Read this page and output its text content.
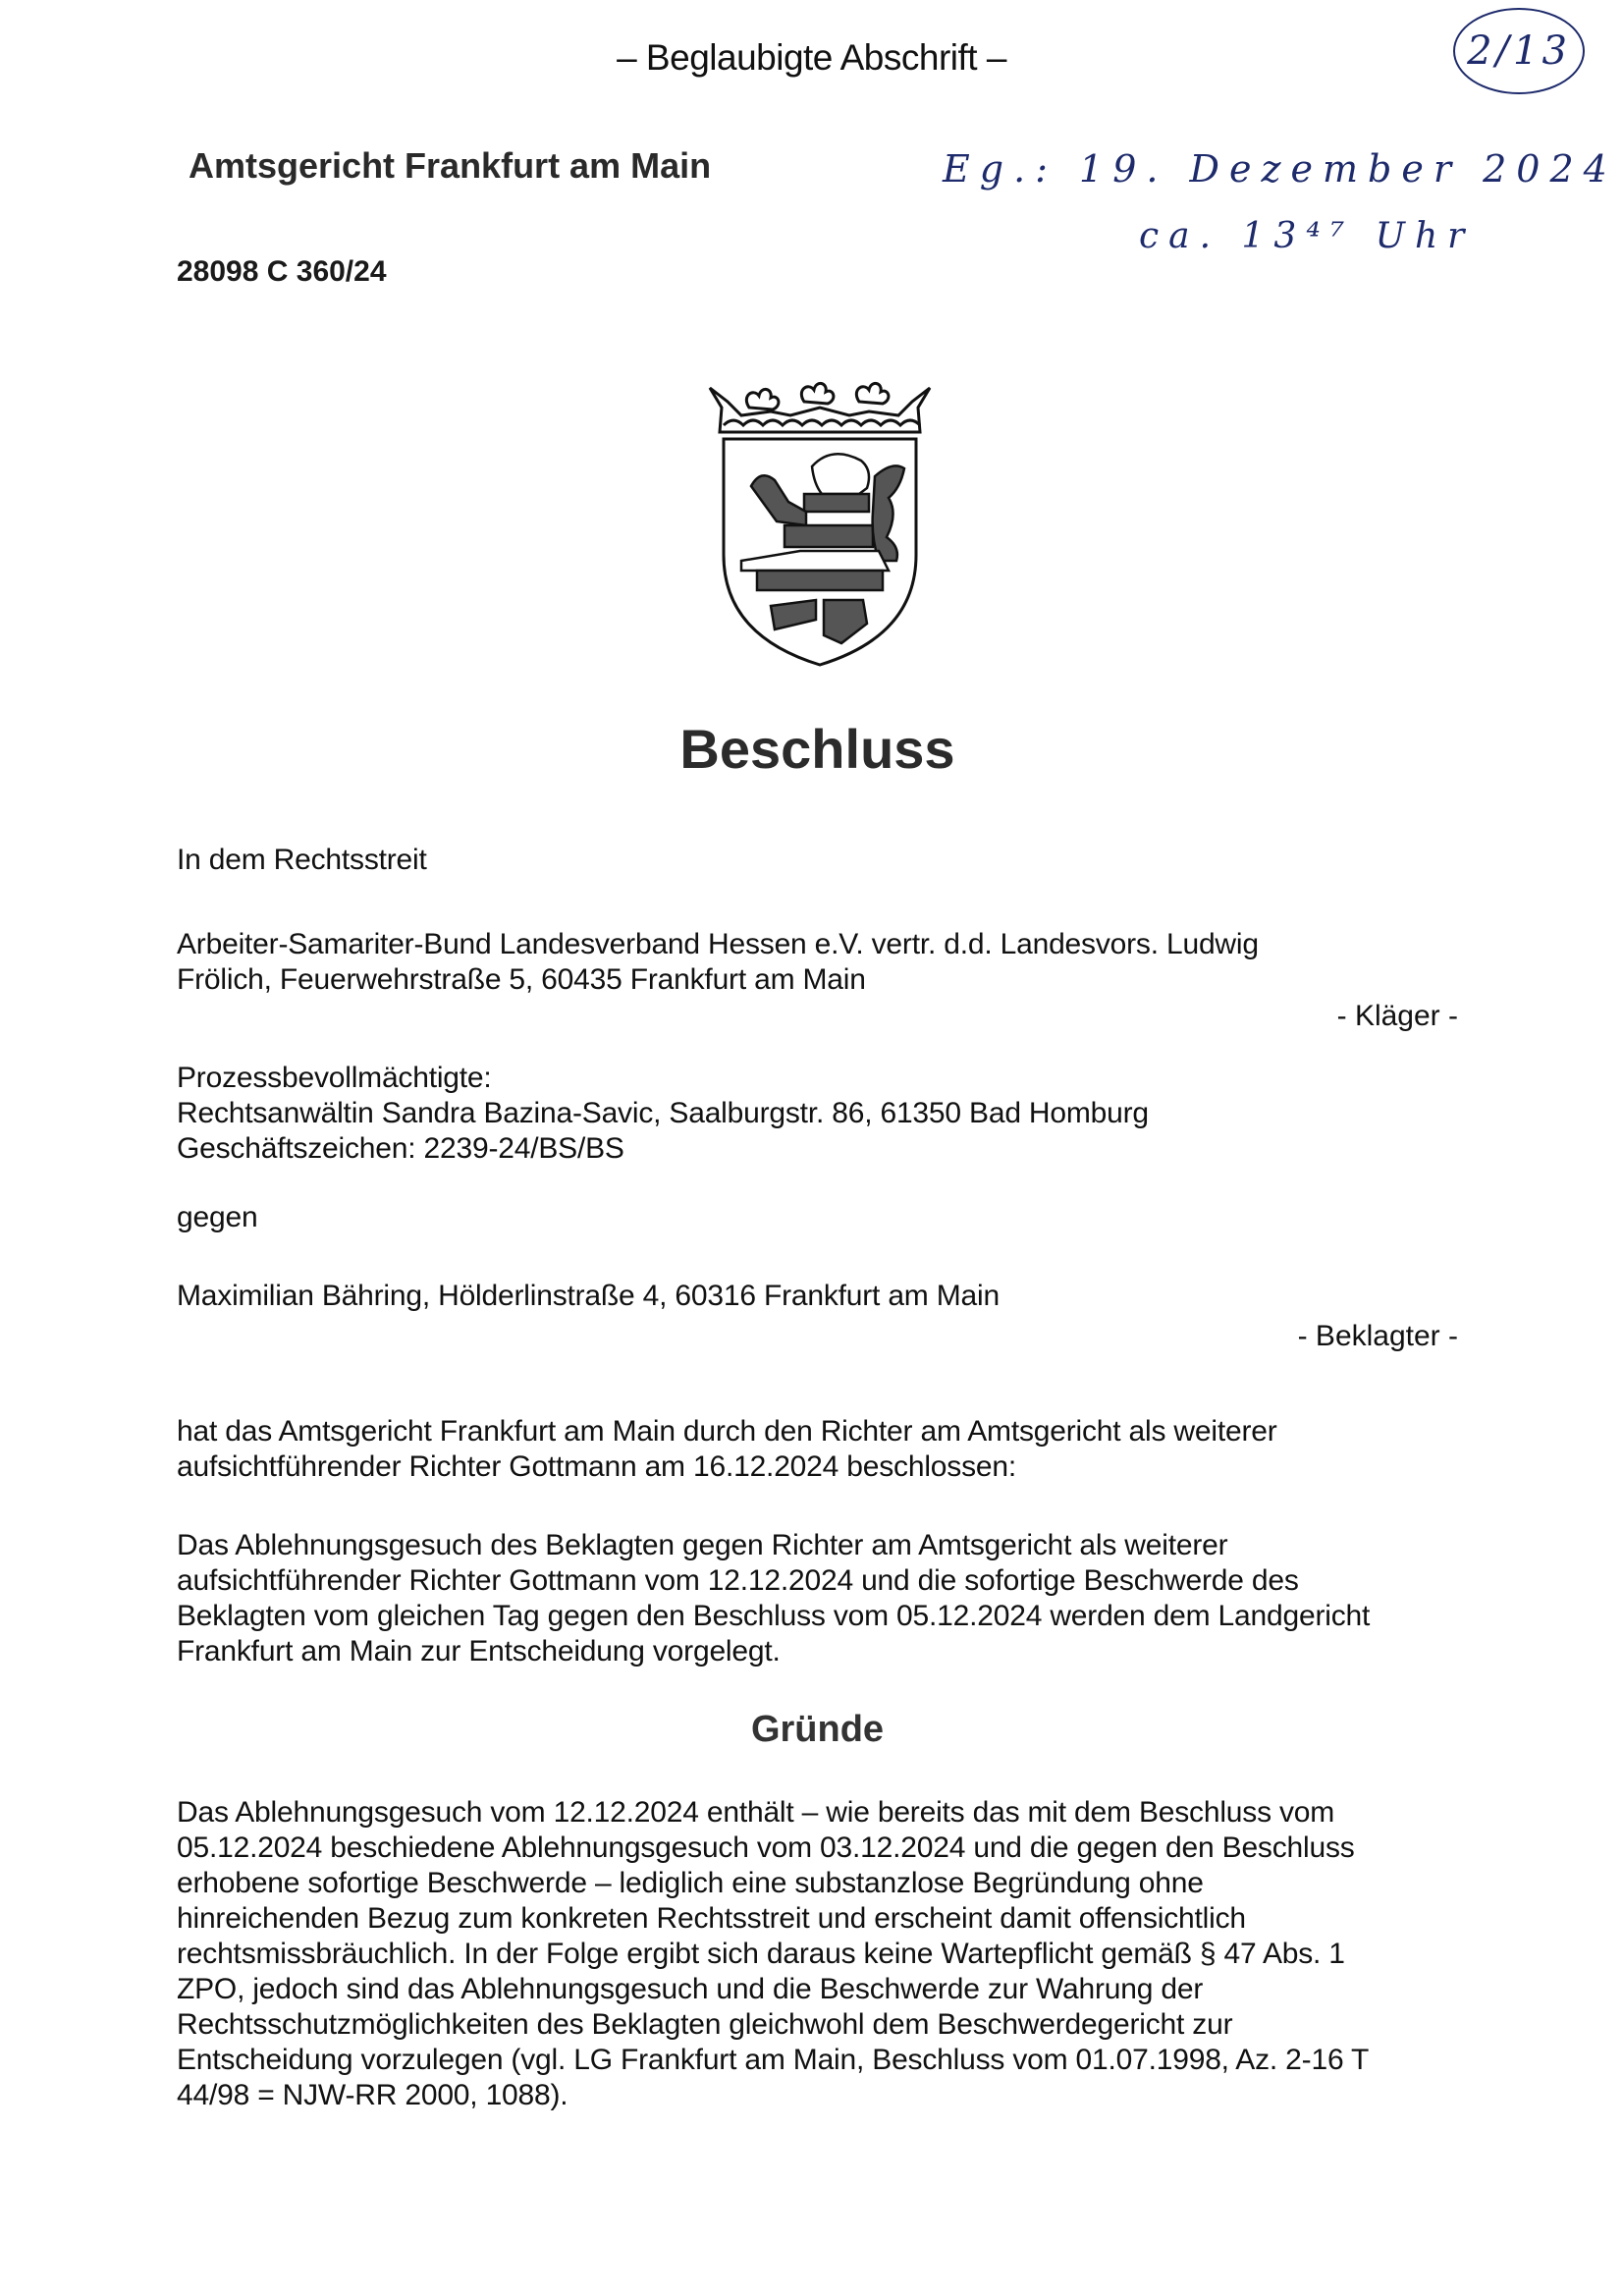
– Beglaubigte Abschrift –	2/13
Amtsgericht Frankfurt am Main	Eg.: 19. Dezember 2024
ca. 13⁴⁷ Uhr
28098 C 360/24
Beschluss

In dem Rechtsstreit

Arbeiter-Samariter-Bund Landesverband Hessen e.V. vertr. d.d. Landesvors. Ludwig

Frölich, Feuerwehrstraße 5, 60435 Frankfurt am Main

- Kläger -

Prozessbevollmächtigte:

Rechtsanwältin Sandra Bazina-Savic, Saalburgstr. 86, 61350 Bad Homburg

Geschäftszeichen: 2239-24/BS/BS

gegen

Maximilian Bähring, Hölderlinstraße 4, 60316 Frankfurt am Main

- Beklagter -

hat das Amtsgericht Frankfurt am Main durch den Richter am Amtsgericht als weiterer

aufsichtführender Richter Gottmann am 16.12.2024 beschlossen:

Das Ablehnungsgesuch des Beklagten gegen Richter am Amtsgericht als weiterer

aufsichtführender Richter Gottmann vom 12.12.2024 und die sofortige Beschwerde des

Beklagten vom gleichen Tag gegen den Beschluss vom 05.12.2024 werden dem Landgericht

Frankfurt am Main zur Entscheidung vorgelegt.

Gründe

Das Ablehnungsgesuch vom 12.12.2024 enthält – wie bereits das mit dem Beschluss vom

05.12.2024 beschiedene Ablehnungsgesuch vom 03.12.2024 und die gegen den Beschluss

erhobene sofortige Beschwerde – lediglich eine substanzlose Begründung ohne

hinreichenden Bezug zum konkreten Rechtsstreit und erscheint damit offensichtlich

rechtsmissbräuchlich. In der Folge ergibt sich daraus keine Wartepflicht gemäß § 47 Abs. 1

ZPO, jedoch sind das Ablehnungsgesuch und die Beschwerde zur Wahrung der

Rechtsschutzmöglichkeiten des Beklagten gleichwohl dem Beschwerdegericht zur

Entscheidung vorzulegen (vgl. LG Frankfurt am Main, Beschluss vom 01.07.1998, Az. 2-16 T

44/98 = NJW-RR 2000, 1088).
